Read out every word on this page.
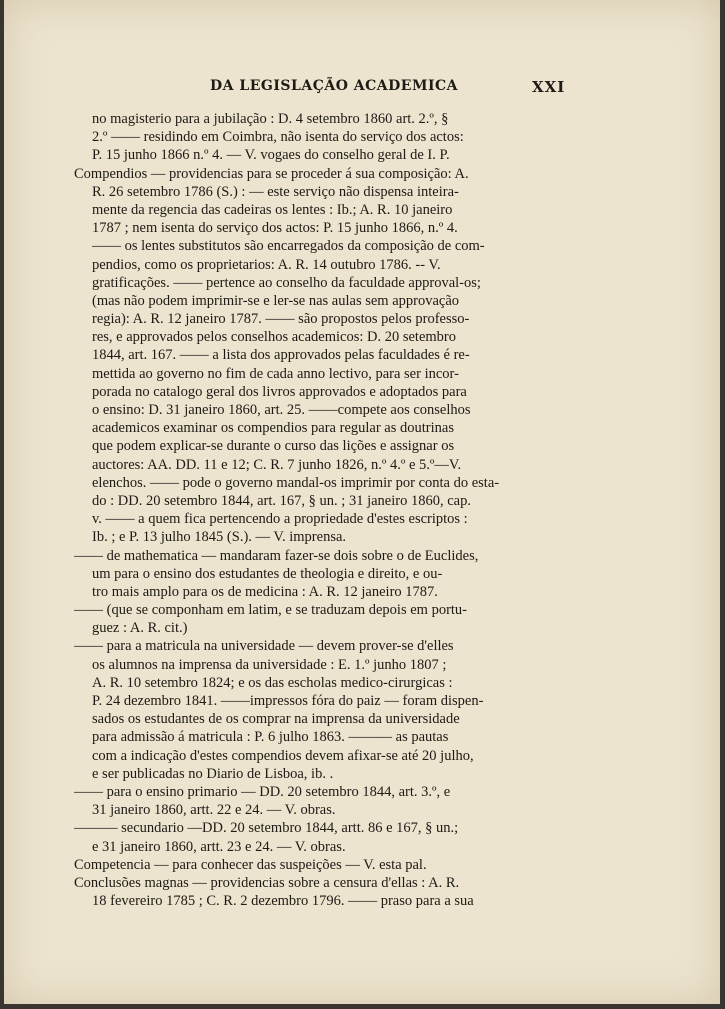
DA LEGISLAÇÃO ACADEMICA	XXI
no magisterio para a jubilação : D. 4 setembro 1860 art. 2.º, §
2.º —— residindo em Coimbra, não isenta do serviço dos actos:
P. 15 junho 1866 n.º 4. — V. vogaes do conselho geral de I. P.
Compendios — providencias para se proceder á sua composição: A.
R. 26 setembro 1786 (S.) : — este serviço não dispensa inteira-
mente da regencia das cadeiras os lentes : Ib.; A. R. 10 janeiro
1787 ; nem isenta do serviço dos actos: P. 15 junho 1866, n.º 4.
—— os lentes substitutos são encarregados da composição de com-
pendios, como os proprietarios: A. R. 14 outubro 1786. -- V.
gratificações. —— pertence ao conselho da faculdade approval-os;
(mas não podem imprimir-se e ler-se nas aulas sem approvação
regia): A. R. 12 janeiro 1787. —— são propostos pelos professo-
res, e approvados pelos conselhos academicos: D. 20 setembro
1844, art. 167. —— a lista dos approvados pelas faculdades é re-
mettida ao governo no fim de cada anno lectivo, para ser incor-
porada no catalogo geral dos livros approvados e adoptados para
o ensino: D. 31 janeiro 1860, art. 25. ——compete aos conselhos
academicos examinar os compendios para regular as doutrinas
que podem explicar-se durante o curso das lições e assignar os
auctores: AA. DD. 11 e 12; C. R. 7 junho 1826, n.º 4.º e 5.º—V.
elenchos. —— pode o governo mandal-os imprimir por conta do esta-
do : DD. 20 setembro 1844, art. 167, § un. ; 31 janeiro 1860, cap.
v. —— a quem fica pertencendo a propriedade d'estes escriptos :
Ib. ; e P. 13 julho 1845 (S.). — V. imprensa.
—— de mathematica — mandaram fazer-se dois sobre o de Euclides,
um para o ensino dos estudantes de theologia e direito, e ou-
tro mais amplo para os de medicina : A. R. 12 janeiro 1787.
—— (que se componham em latim, e se traduzam depois em portu-
guez : A. R. cit.)
—— para a matricula na universidade — devem prover-se d'elles
os alumnos na imprensa da universidade : E. 1.º junho 1807 ;
A. R. 10 setembro 1824; e os das escholas medico-cirurgicas :
P. 24 dezembro 1841. ——impressos fóra do paiz — foram dispen-
sados os estudantes de os comprar na imprensa da universidade
para admissão á matricula : P. 6 julho 1863. ——— as pautas
com a indicação d'estes compendios devem afixar-se até 20 julho,
e ser publicadas no Diario de Lisboa, ib. .
—— para o ensino primario — DD. 20 setembro 1844, art. 3.º, e
31 janeiro 1860, artt. 22 e 24. — V. obras.
——— secundario —DD. 20 setembro 1844, artt. 86 e 167, § un.;
e 31 janeiro 1860, artt. 23 e 24. — V. obras.
Competencia — para conhecer das suspeições — V. esta pal.
Conclusões magnas — providencias sobre a censura d'ellas : A. R.
18 fevereiro 1785 ; C. R. 2 dezembro 1796. —— praso para a sua
